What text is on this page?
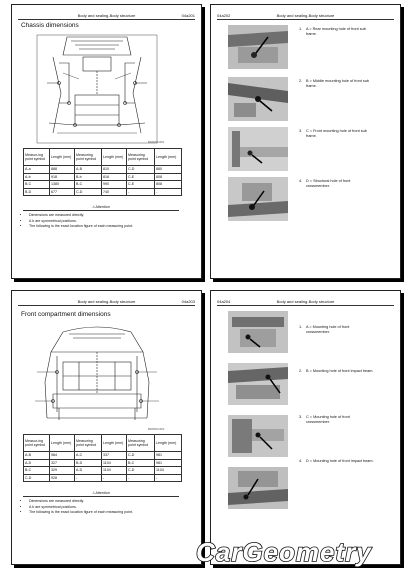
Body and sealing-Body structure	04a201
Chassis dimensions
B0W0D12Z01
Measur-ing point symbol	Length (mm)	Measuring point symbol	Length (mm)	Measuring point symbol	Length (mm)
A-a	888	A-B	810	C-D	880
A-b	918	B-b	816	C-E	808
B-C	1380	B-C	990	C-E	808
B-D	677	C-D	740	-	-
⚠Attention
• Dimensions are measured directly.
• A b are symmetrical positions.
• The following is the exact location figure of each measuring point.
04a202	Body and sealing-Body structure
1. A = Rear mounting hole of front sub frame.
2. B = Middle mounting hole of front sub frame.
3. C = Front mounting hole of front sub frame.
4. D = Structural hole of front crossmember.
Body and sealing-Body structure	04a203
Front compartment dimensions
B0W0D12Z02
Measur-ing point symbol	Length (mm)	Measuring point symbol	Length (mm)	Measuring point symbol	Length (mm)
A-B	984	A-C	337	C-D	981
A-D	327	B-D	1104	B-C	981
B-C	329	A-D	1104	C-D	1104
C-D	928	-	-	-	-
⚠Attention
• Dimensions are measured directly.
• A b are symmetrical positions.
• The following is the exact location figure of each measuring point.
04a204	Body and sealing-Body structure
1. A = Mounting hole of front crossmember.
2. B = Mounting hole of front impact beam.
3. C = Mounting hole of front crossmember.
4. D = Mounting hole of front impact beam.
CarGeometry
